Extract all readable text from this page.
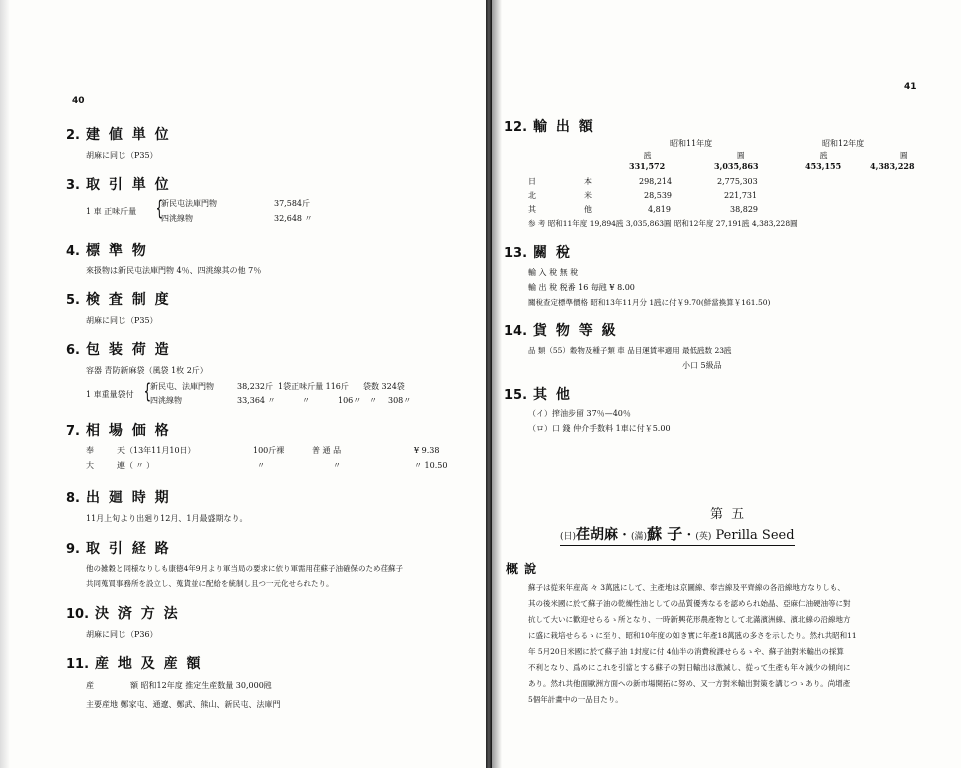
40
2. 建 値 単 位
胡麻に同じ（P35）
3. 取 引 単 位
1 車 正味斤量 {
新民屯法庫門物	37,584斤
四洮線物	32,648 〃
4. 標 準 物
來扱物は新民屯法庫門物 4％、四洮線其の他 7％
5. 検 査 制 度
胡麻に同じ（P35）
6. 包 装 荷 造
容器 青防新麻袋（風袋 1枚 2斤）
1 車重量袋付 {
新民屯、法庫門物	38,232斤 1袋正味斤量 116斤 袋数 324袋
四洮線物	33,364 〃	〃	106〃 〃 308〃
7. 相 場 価 格
奉	天（13年11月10日）	100斤裸	普 通 品	¥ 9.38
大	連（ 〃 ）	〃	〃	〃 10.50
8. 出 廻 時 期
11月上旬より出廻り12月、1月最盛期なり。
9. 取 引 経 路
他の雑穀と同様なりしも康徳4年9月より軍当局の要求に依り軍需用荏蘇子油確保のため荏蘇子
共同蒐買事務所を設立し、蒐貨並に配給を統制し且つ一元化せられたり。
10. 決 済 方 法
胡麻に同じ（P36）
11. 産 地 及 産 額
産	額 昭和12年度 推定生産数量 30,000瓲
主要産地 鄭家屯、通遼、鄭武、熊山、新民屯、法庫門
41
12. 輸 出 額
昭和11年度	昭和12年度
瓲	圓	瓲	圓
331,572	3,035,863	453,155	4,383,228
日	本	298,214	2,775,303
北	米	28,539	221,731
其	他	4,819	38,829
参 考 昭和11年度 19,894瓲 3,035,863圓 昭和12年度 27,191瓲 4,383,228圓
13. 關 稅
輸 入 稅 無 稅
輸 出 稅 税番 16 毎瓲 ¥ 8.00
關稅查定標準價格 昭和13年11月分 1瓲に付￥9.70(鮮當換算￥161.50)
14. 貨 物 等 級
品 類（55）穀物及種子類 車 品目運賃率適用 最低瓲数 23瓲
小口 5級品
15. 其 他
（イ）搾油步留 37％—40％
（ロ）口 錢 仲介手数料 1車に付￥5.00
第 五
(日)荏胡麻・(滿)蘇 子・(英) Perilla Seed
概 說
蘇子は從來年産高 々 3萬瓲にして、主產地は京圖線、奉吉線及平齊線の各沿線地方なりしも、
其の後米國に於て蘇子油の乾燥性油としての品質優秀なるを認められ始晶、亞麻仁油硬油等に對
抗して大いに歡迎せらるゝ所となり、一時新興花形農產物として北滿濱洲線、濱北線の沿線地方
に盛に栽培せらるゝに至り、昭和10年度の如き實に年產18萬瓲の多さを示したり。然れ共昭和11
年 5月20日米國に於て蘇子油 1封度に付 4仙半の消費稅課せらるゝや、蘇子油對米輸出の採算
不利となり、爲めにこれを引當とする蘇子の對日輸出は激減し、從って生產も年々減少の傾向に
あり。然れ共他面歐洲方面への新市場開拓に努め、又一方對米輸出對策を講じつゝあり。尚增產
5個年計畫中の一品目たり。
